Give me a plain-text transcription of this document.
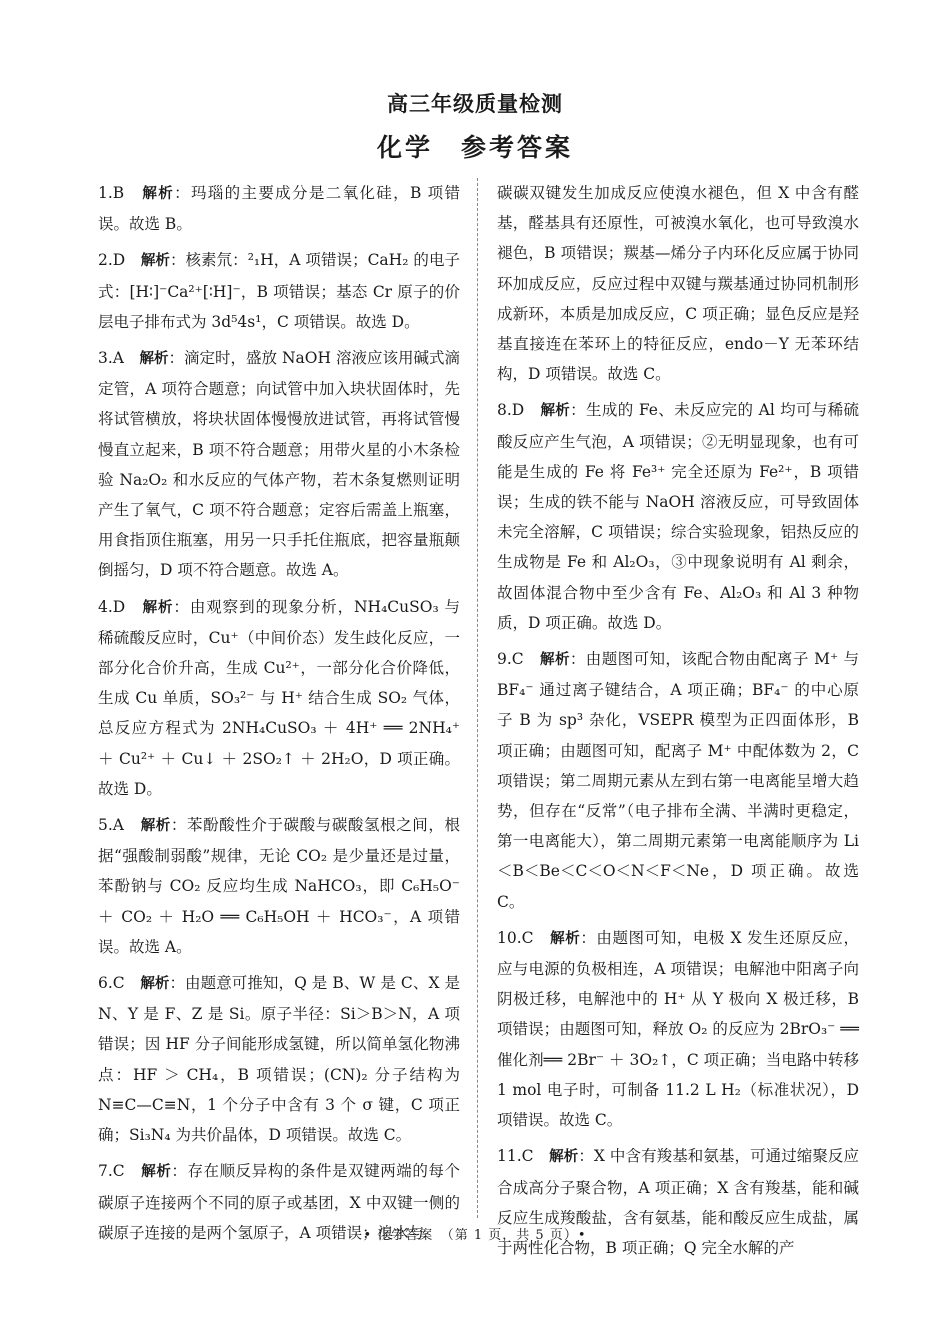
高三年级质量检测
化学　参考答案
1.B　 解析：玛瑙的主要成分是二氧化硅，B 项错误。故选 B。
2.D　 解析：核素氘：²₁H，A 项错误；CaH₂ 的电子式：[H∶]⁻Ca²⁺[∶H]⁻，B 项错误；基态 Cr 原子的价层电子排布式为 3d⁵4s¹，C 项错误。故选 D。
3.A　 解析：滴定时，盛放 NaOH 溶液应该用碱式滴定管，A 项符合题意；向试管中加入块状固体时，先将试管横放，将块状固体慢慢放进试管，再将试管慢慢直立起来，B 项不符合题意；用带火星的小木条检验 Na₂O₂ 和水反应的气体产物，若木条复燃则证明产生了氧气，C 项不符合题意；定容后需盖上瓶塞，用食指顶住瓶塞，用另一只手托住瓶底，把容量瓶颠倒摇匀，D 项不符合题意。故选 A。
4.D　 解析：由观察到的现象分析，NH₄CuSO₃ 与稀硫酸反应时，Cu⁺（中间价态）发生歧化反应，一部分化合价升高，生成 Cu²⁺，一部分化合价降低，生成 Cu 单质，SO₃²⁻ 与 H⁺ 结合生成 SO₂ 气体，总反应方程式为 2NH₄CuSO₃ ＋ 4H⁺ ══ 2NH₄⁺ ＋ Cu²⁺ ＋ Cu↓ ＋ 2SO₂↑ ＋ 2H₂O，D 项正确。故选 D。
5.A　 解析：苯酚酸性介于碳酸与碳酸氢根之间，根据“强酸制弱酸”规律，无论 CO₂ 是少量还是过量，苯酚钠与 CO₂ 反应均生成 NaHCO₃，即 C₆H₅O⁻ ＋ CO₂ ＋ H₂O ══ C₆H₅OH ＋ HCO₃⁻，A 项错误。故选 A。
6.C　 解析：由题意可推知，Q 是 B、W 是 C、X 是 N、Y 是 F、Z 是 Si。原子半径：Si＞B＞N，A 项错误；因 HF 分子间能形成氢键，所以简单氢化物沸点：HF ＞ CH₄，B 项错误；(CN)₂ 分子结构为 N≡C—C≡N，1 个分子中含有 3 个 σ 键，C 项正确；Si₃N₄ 为共价晶体，D 项错误。故选 C。
7.C　 解析：存在顺反异构的条件是双键两端的每个碳原子连接两个不同的原子或基团，X 中双键一侧的碳原子连接的是两个氢原子，A 项错误；溴水与
碳碳双键发生加成反应使溴水褪色，但 X 中含有醛基，醛基具有还原性，可被溴水氧化，也可导致溴水褪色，B 项错误；羰基—烯分子内环化反应属于协同环加成反应，反应过程中双键与羰基通过协同机制形成新环，本质是加成反应，C 项正确；显色反应是羟基直接连在苯环上的特征反应，endo－Y 无苯环结构，D 项错误。故选 C。
8.D　 解析：生成的 Fe、未反应完的 Al 均可与稀硫酸反应产生气泡，A 项错误；②无明显现象，也有可能是生成的 Fe 将 Fe³⁺ 完全还原为 Fe²⁺，B 项错误；生成的铁不能与 NaOH 溶液反应，可导致固体未完全溶解，C 项错误；综合实验现象，铝热反应的生成物是 Fe 和 Al₂O₃，③中现象说明有 Al 剩余，故固体混合物中至少含有 Fe、Al₂O₃ 和 Al 3 种物质，D 项正确。故选 D。
9.C　 解析：由题图可知，该配合物由配离子 M⁺ 与 BF₄⁻ 通过离子键结合，A 项正确；BF₄⁻ 的中心原子 B 为 sp³ 杂化，VSEPR 模型为正四面体形，B 项正确；由题图可知，配离子 M⁺ 中配体数为 2，C 项错误；第二周期元素从左到右第一电离能呈增大趋势，但存在“反常”（电子排布全满、半满时更稳定，第一电离能大），第二周期元素第一电离能顺序为 Li＜B＜Be＜C＜O＜N＜F＜Ne，D 项正确。故选 C。
10.C　 解析：由题图可知，电极 X 发生还原反应，应与电源的负极相连，A 项错误；电解池中阳离子向阴极迁移，电解池中的 H⁺ 从 Y 极向 X 极迁移，B 项错误；由题图可知，释放 O₂ 的反应为 2BrO₃⁻ ══催化剂══ 2Br⁻ ＋ 3O₂↑，C 项正确；当电路中转移 1 mol 电子时，可制备 11.2 L H₂（标准状况），D 项错误。故选 C。
11.C　 解析：X 中含有羧基和氨基，可通过缩聚反应合成高分子聚合物，A 项正确；X 含有羧基，能和碱反应生成羧酸盐，含有氨基，能和酸反应生成盐，属于两性化合物，B 项正确；Q 完全水解的产
• 化学答案　（第 1 页，共 5 页）•
